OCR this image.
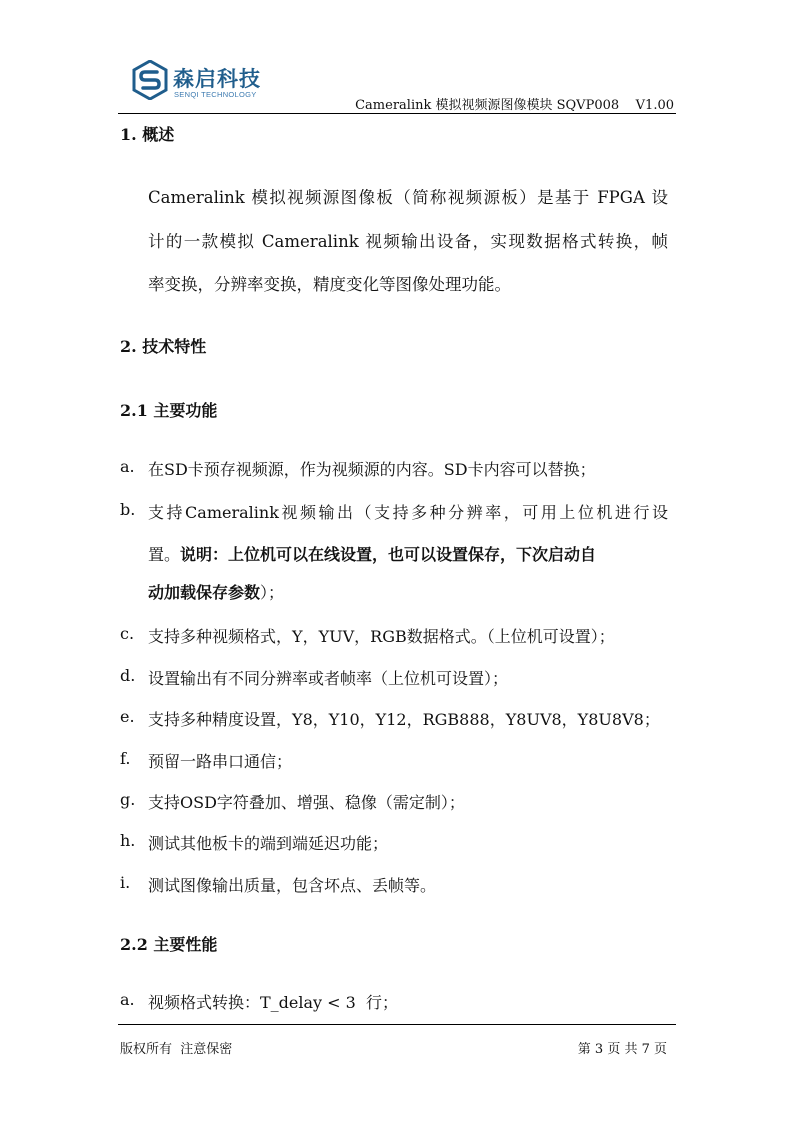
森启科技
SENQI TECHNOLOGY
Cameralink 模拟视频源图像模块 SQVP008    V1.00
1. 概述
Cameralink 模拟视频源图像板（简称视频源板）是基于 FPGA 设
计的一款模拟 Cameralink 视频输出设备，实现数据格式转换，帧
率变换，分辨率变换，精度变化等图像处理功能。
2. 技术特性
2.1 主要功能
a. 在SD卡预存视频源，作为视频源的内容。SD卡内容可以替换；
b. 支持Cameralink视频输出（支持多种分辨率，可用上位机进行设
置。说明：上位机可以在线设置，也可以设置保存，下次启动自
动加载保存参数）；
c. 支持多种视频格式，Y，YUV，RGB数据格式。（上位机可设置）；
d. 设置输出有不同分辨率或者帧率（上位机可设置）；
e. 支持多种精度设置，Y8，Y10，Y12，RGB888，Y8UV8，Y8U8V8；
f. 预留一路串口通信；
g. 支持OSD字符叠加、增强、稳像（需定制）；
h. 测试其他板卡的端到端延迟功能；
i. 测试图像输出质量，包含坏点、丢帧等。
2.2 主要性能
a. 视频格式转换：T_delay < 3  行；
版权所有  注意保密	第 3 页 共 7 页
